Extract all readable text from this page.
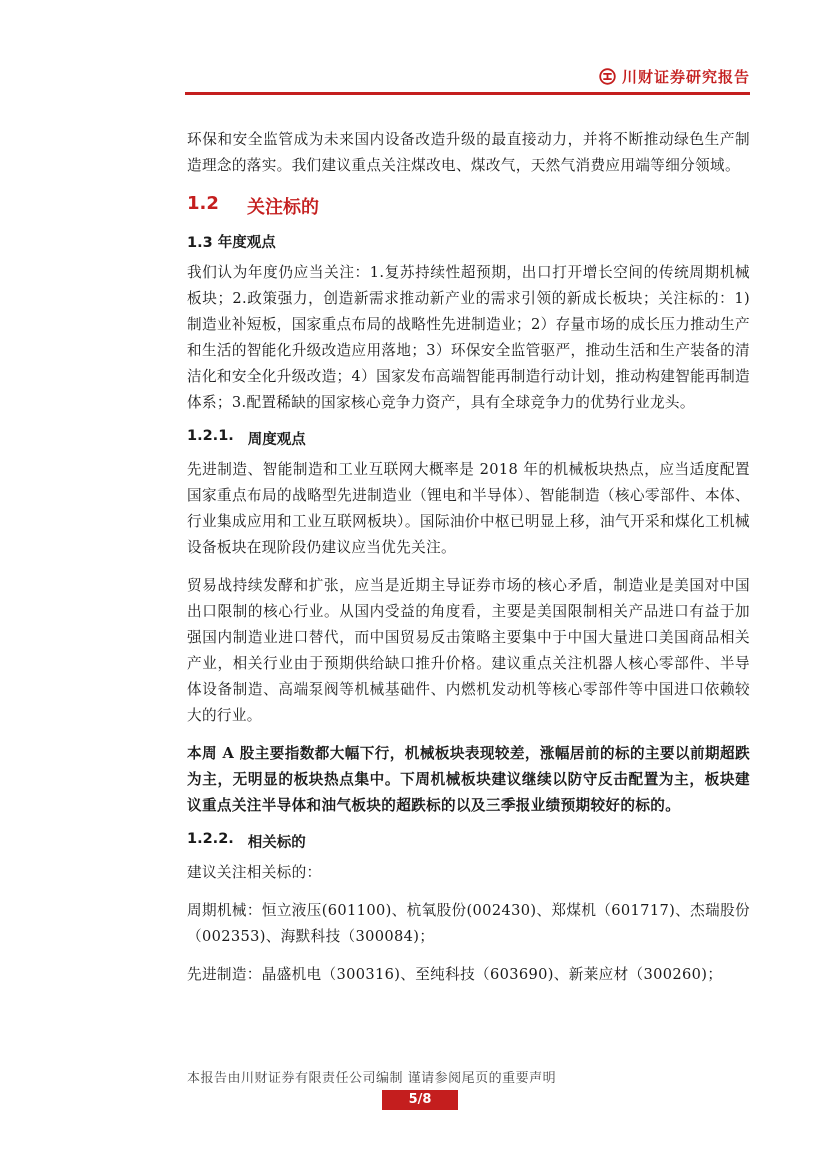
川财证券研究报告

环保和安全监管成为未来国内设备改造升级的最直接动力，并将不断推动绿色生产制造理念的落实。我们建议重点关注煤改电、煤改气，天然气消费应用端等细分领域。

1.2	关注标的
1.3 年度观点

我们认为年度仍应当关注：1.复苏持续性超预期，出口打开增长空间的传统周期机械板块；2.政策强力，创造新需求推动新产业的需求引领的新成长板块；关注标的：1)制造业补短板，国家重点布局的战略性先进制造业；2）存量市场的成长压力推动生产和生活的智能化升级改造应用落地；3）环保安全监管驱严，推动生活和生产装备的清洁化和安全化升级改造；4）国家发布高端智能再制造行动计划，推动构建智能再制造体系；3.配置稀缺的国家核心竞争力资产，具有全球竞争力的优势行业龙头。

1.2.1. 周度观点

先进制造、智能制造和工业互联网大概率是 2018 年的机械板块热点，应当适度配置国家重点布局的战略型先进制造业（锂电和半导体）、智能制造（核心零部件、本体、行业集成应用和工业互联网板块）。国际油价中枢已明显上移，油气开采和煤化工机械设备板块在现阶段仍建议应当优先关注。

贸易战持续发酵和扩张，应当是近期主导证券市场的核心矛盾，制造业是美国对中国出口限制的核心行业。从国内受益的角度看，主要是美国限制相关产品进口有益于加强国内制造业进口替代，而中国贸易反击策略主要集中于中国大量进口美国商品相关产业，相关行业由于预期供给缺口推升价格。建议重点关注机器人核心零部件、半导体设备制造、高端泵阀等机械基础件、内燃机发动机等核心零部件等中国进口依赖较大的行业。

本周 A 股主要指数都大幅下行，机械板块表现较差，涨幅居前的标的主要以前期超跌为主，无明显的板块热点集中。下周机械板块建议继续以防守反击配置为主，板块建议重点关注半导体和油气板块的超跌标的以及三季报业绩预期较好的标的。

1.2.2. 相关标的

建议关注相关标的：

周期机械：恒立液压(601100)、杭氧股份(002430)、郑煤机（601717)、杰瑞股份（002353)、海默科技（300084)；

先进制造：晶盛机电（300316)、至纯科技（603690)、新莱应材（300260)；

本报告由川财证券有限责任公司编制 谨请参阅尾页的重要声明
5/8
